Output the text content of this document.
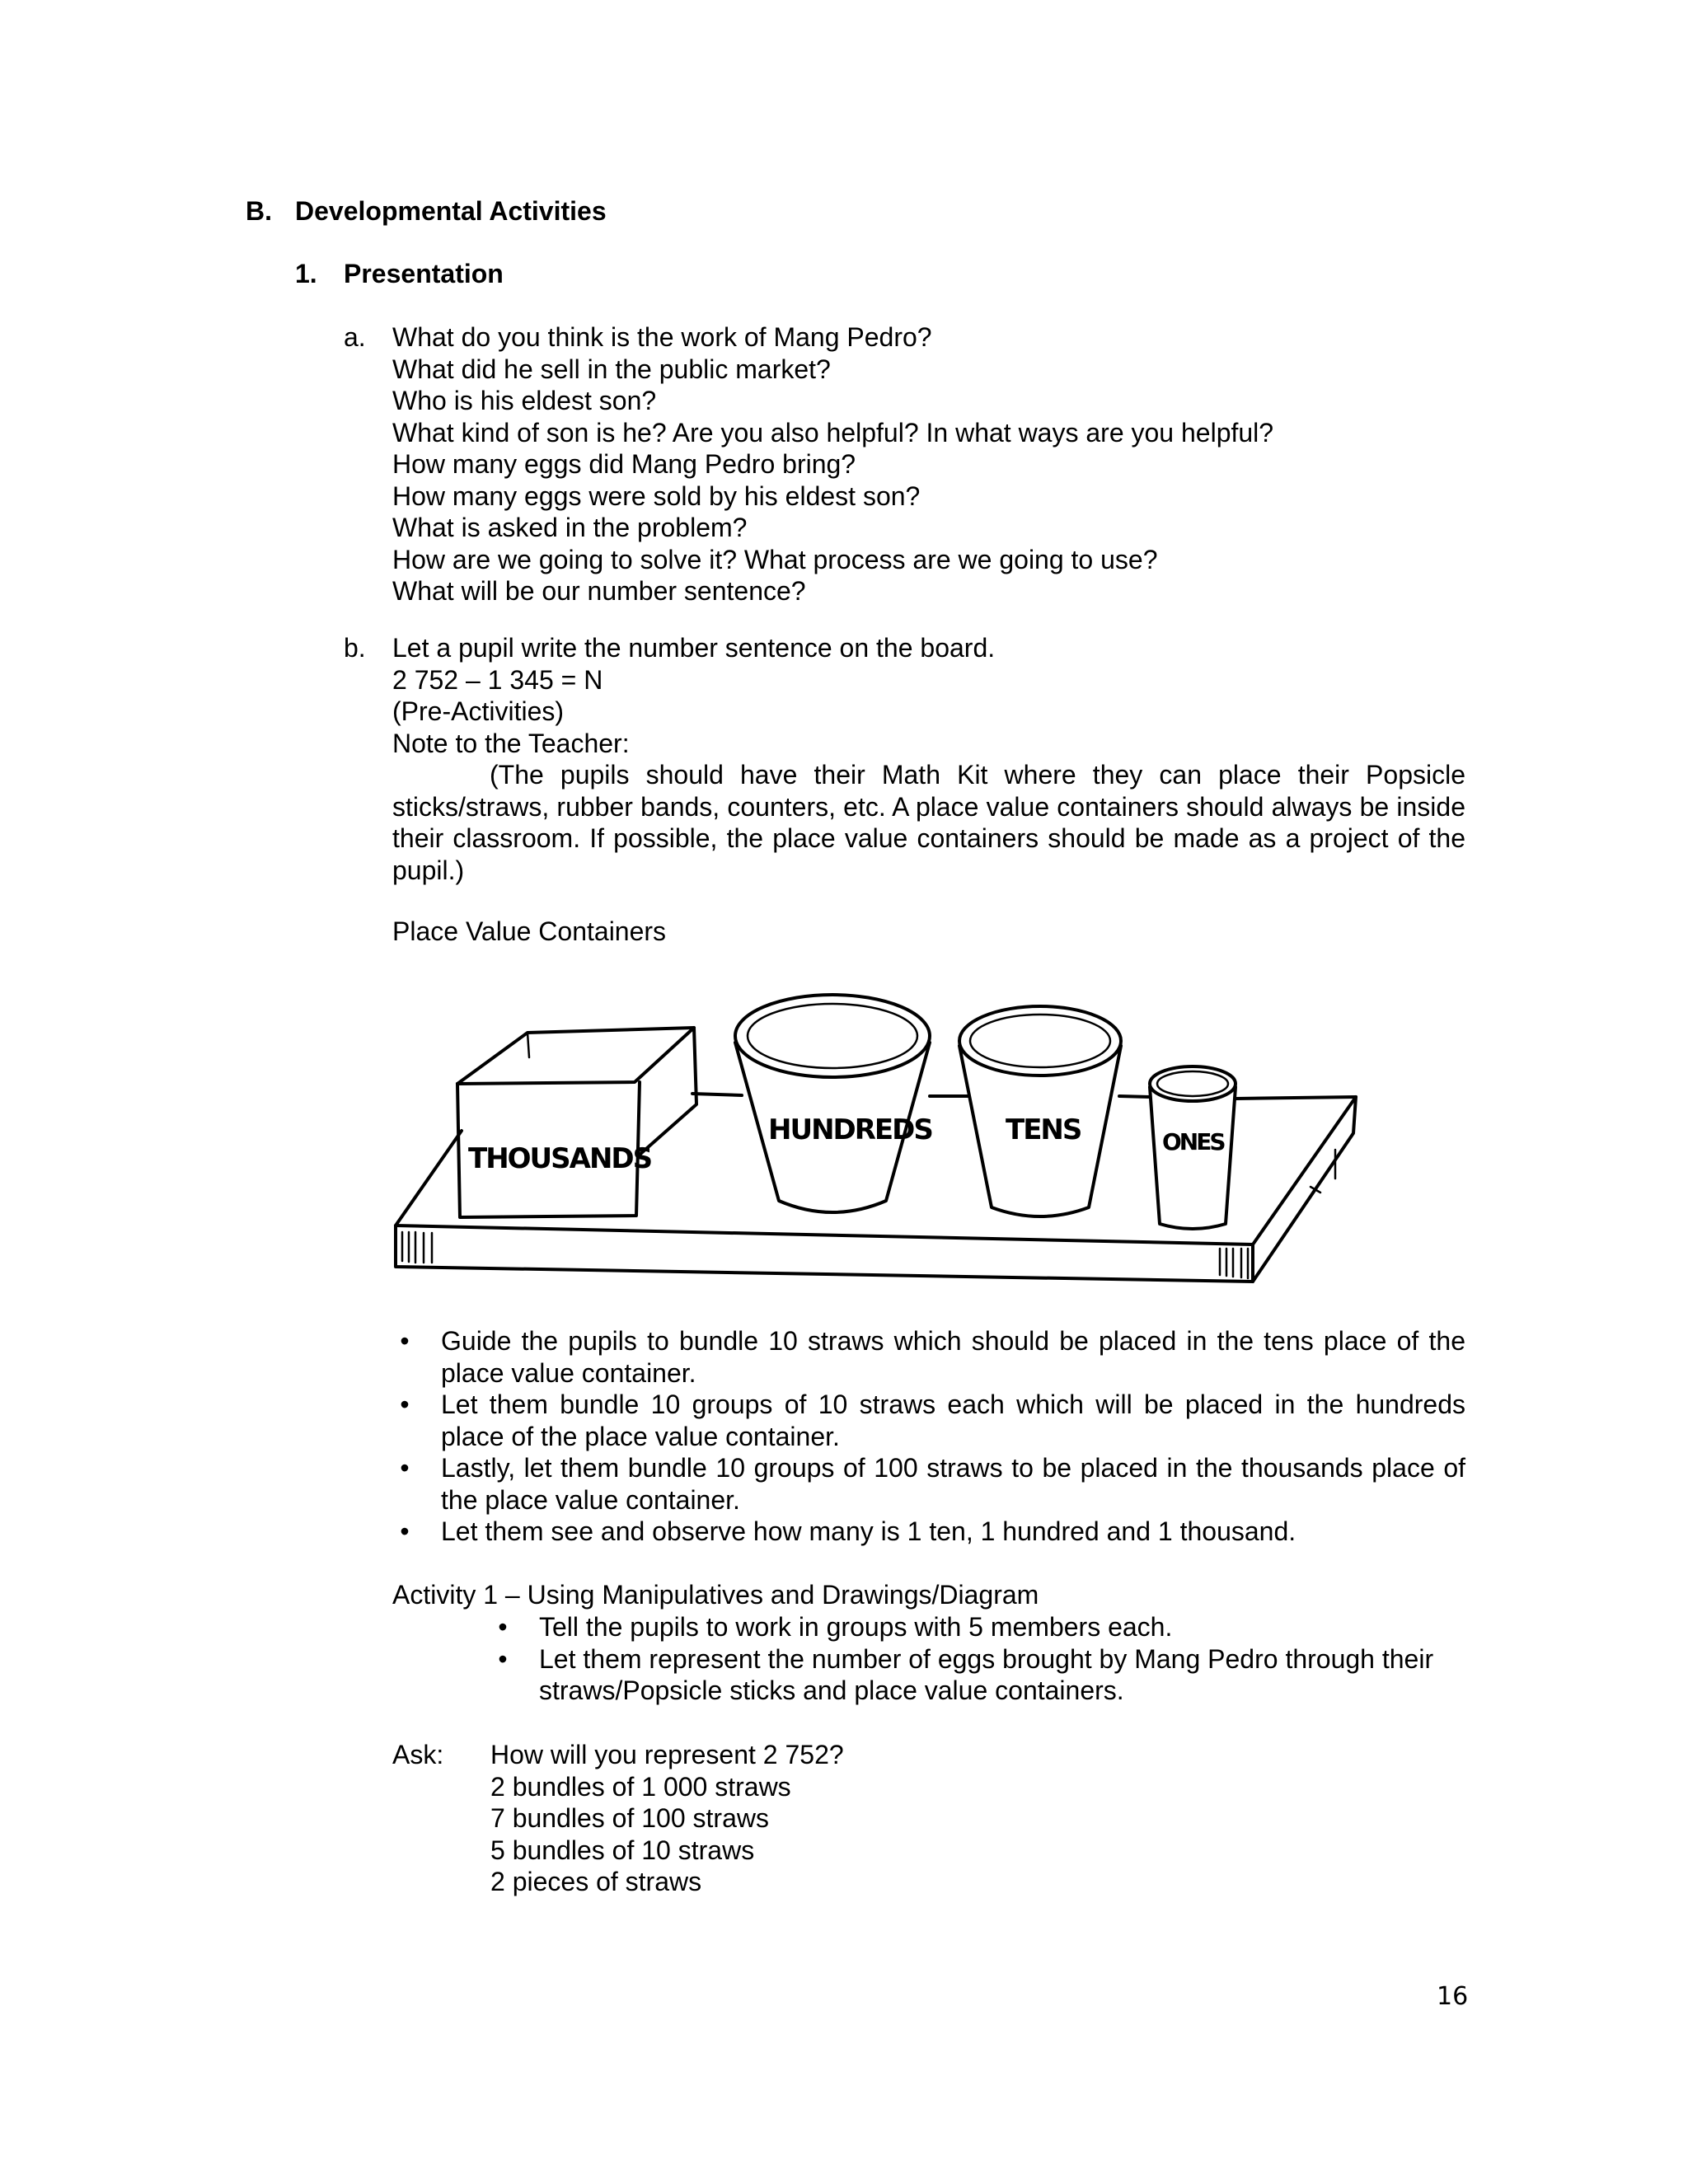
B. Developmental Activities
1. Presentation
a. What do you think is the work of Mang Pedro?
What did he sell in the public market?
Who is his eldest son?
What kind of son is he? Are you also helpful? In what ways are you helpful?
How many eggs did Mang Pedro bring?
How many eggs were sold by his eldest son?
What is asked in the problem?
How are we going to solve it? What process are we going to use?
What will be our number sentence?
b. Let a pupil write the number sentence on the board.
2 752 – 1 345 = N
(Pre-Activities)
Note to the Teacher:
(The pupils should have their Math Kit where they can place their Popsicle sticks/straws, rubber bands, counters, etc. A place value containers should always be inside their classroom. If possible, the place value containers should be made as a project of the pupil.)
Place Value Containers
THOUSANDS
HUNDREDS	TENS	ONES
• Guide the pupils to bundle 10 straws which should be placed in the tens place of the place value container.
• Let them bundle 10 groups of 10 straws each which will be placed in the hundreds place of the place value container.
• Lastly, let them bundle 10 groups of 100 straws to be placed in the thousands place of the place value container.
• Let them see and observe how many is 1 ten, 1 hundred and 1 thousand.
Activity 1 – Using Manipulatives and Drawings/Diagram
• Tell the pupils to work in groups with 5 members each.
• Let them represent the number of eggs brought by Mang Pedro through their straws/Popsicle sticks and place value containers.
Ask: How will you represent 2 752?
2 bundles of 1 000 straws
7 bundles of 100 straws
5 bundles of 10 straws
2 pieces of straws
16
